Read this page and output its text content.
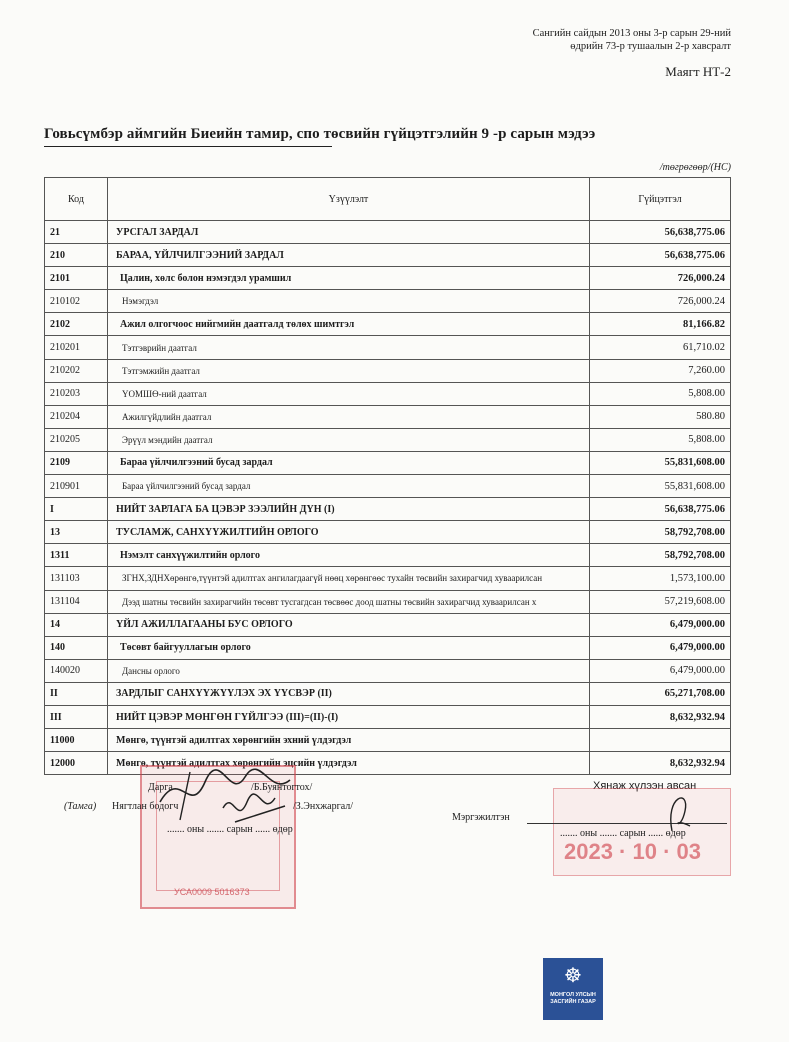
Сангийн сайдын 2013 оны 3-р сарын 29-ний
өдрийн 73-р тушаалын 2-р хавсралт
Маягт НТ-2
Говьсүмбэр аймгийн Биеийн тамир, спо төсвийн гүйцэтгэлийн 9 -р сарын мэдээ
/төгрөгөөр/(НС)
Код	Үзүүлэлт	Гүйцэтгэл
21	УРСГАЛ ЗАРДАЛ	56,638,775.06
210	БАРАА, ҮЙЛЧИЛГЭЭНИЙ ЗАРДАЛ	56,638,775.06
2101	Цалин, хөлс болон нэмэгдэл урамшил	726,000.24
210102	Нэмэгдэл	726,000.24
2102	Ажил олгогчоос нийгмийн даатгалд төлөх шимтгэл	81,166.82
210201	Тэтгэврийн даатгал	61,710.02
210202	Тэтгэмжийн даатгал	7,260.00
210203	ҮОМШӨ-ний даатгал	5,808.00
210204	Ажилгүйдлийн даатгал	580.80
210205	Эрүүл мэндийн даатгал	5,808.00
2109	Бараа үйлчилгээний бусад зардал	55,831,608.00
210901	Бараа үйлчилгээний бусад зардал	55,831,608.00
I	НИЙТ ЗАРЛАГА БА ЦЭВЭР ЗЭЭЛИЙН ДҮН (I)	56,638,775.06
13	ТУСЛАМЖ, САНХҮҮЖИЛТИЙН ОРЛОГО	58,792,708.00
1311	Нэмэлт санхүүжилтийн орлого	58,792,708.00
131103	ЗГНХ,ЗДНХөрөнгө,түүнтэй адилтгах ангилагдаагүй нөөц хөрөнгөөс тухайн төсвийн захирагчид хуваарилсан	1,573,100.00
131104	Дээд шатны төсвийн захирагчийн төсөвт тусгагдсан төсвөөс доод шатны төсвийн захирагчид хуваарилсан х	57,219,608.00
14	ҮЙЛ АЖИЛЛАГААНЫ БУС ОРЛОГО	6,479,000.00
140	Төсөвт байгууллагын орлого	6,479,000.00
140020	Дансны орлого	6,479,000.00
II	ЗАРДЛЫГ САНХҮҮЖҮҮЛЭХ ЭХ ҮҮСВЭР (II)	65,271,708.00
III	НИЙТ ЦЭВЭР МӨНГӨН ГҮЙЛГЭЭ (III)=(II)-(I)	8,632,932.94
11000	Мөнгө, түүнтэй адилтгах хөрөнгийн эхний үлдэгдэл	
12000	Мөнгө, түүнтэй адилтгах хөрөнгийн эцсийн үлдэгдэл	8,632,932.94
УСА0009 5016373
Дарга	/Б.Буянтогтох/
(Тамга) Нягтлан бодогч	/З.Энхжаргал/
....... оны ....... сарын ...... өдөр
Хянаж хүлээн авсан
2023 · 10 · 03
Мэргэжилтэн
....... оны ....... сарын ...... өдөр
☸
МОНГОЛ УЛСЫН
ЗАСГИЙН ГАЗАР
